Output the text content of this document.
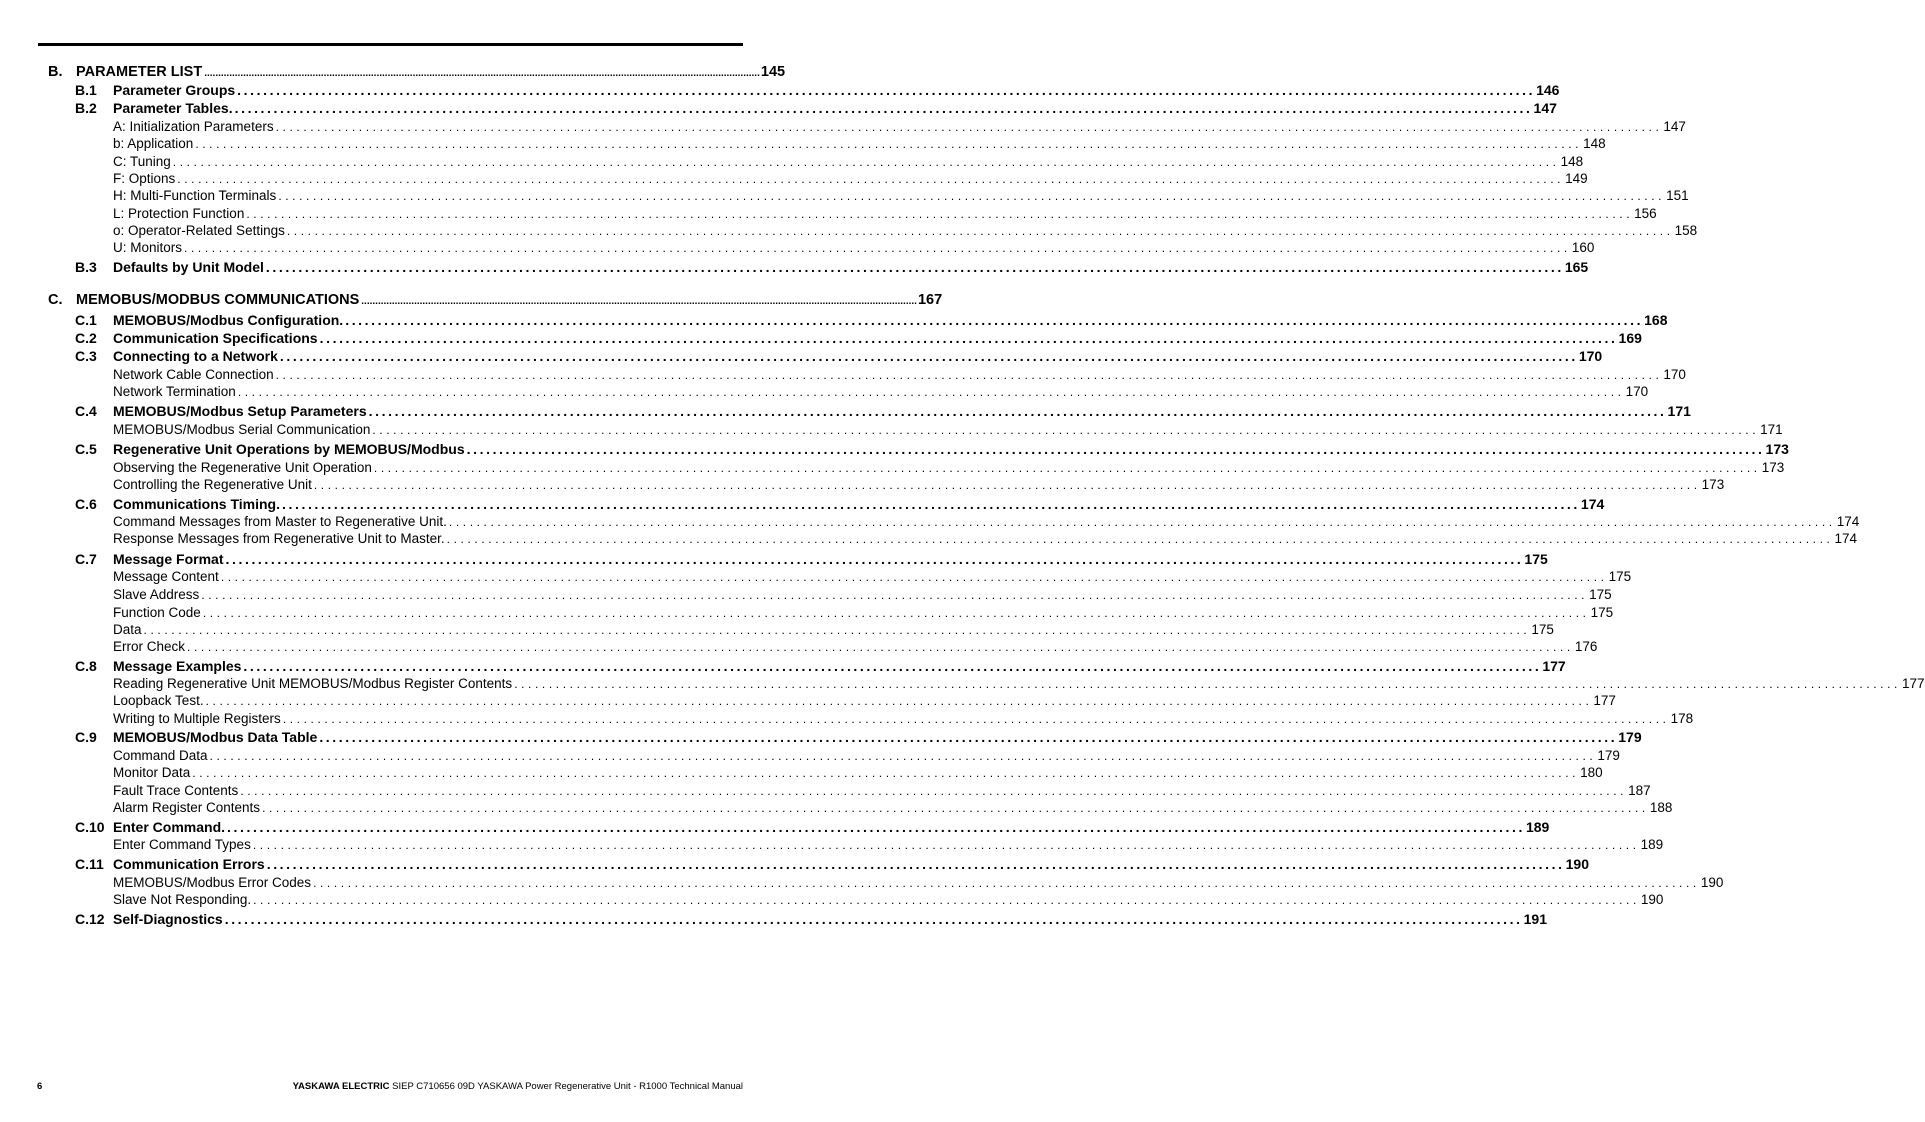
B. PARAMETER LIST ........................................................................................................................................................................................................ 145
B.1 Parameter Groups ........................................................................................................................................................................................................ 146
B.2 Parameter Tables. ........................................................................................................................................................................................................ 147
A: Initialization Parameters ........................................................................................................................................................................................................ 147
b: Application ........................................................................................................................................................................................................ 148
C: Tuning ........................................................................................................................................................................................................ 148
F: Options ........................................................................................................................................................................................................ 149
H: Multi-Function Terminals ........................................................................................................................................................................................................ 151
L: Protection Function ........................................................................................................................................................................................................ 156
o: Operator-Related Settings ........................................................................................................................................................................................................ 158
U: Monitors ........................................................................................................................................................................................................ 160
B.3 Defaults by Unit Model ........................................................................................................................................................................................................ 165
C. MEMOBUS/MODBUS COMMUNICATIONS ........................................................................................................................................................................................................ 167
C.1 MEMOBUS/Modbus Configuration. ........................................................................................................................................................................................................ 168
C.2 Communication Specifications ........................................................................................................................................................................................................ 169
C.3 Connecting to a Network ........................................................................................................................................................................................................ 170
Network Cable Connection ........................................................................................................................................................................................................ 170
Network Termination ........................................................................................................................................................................................................ 170
C.4 MEMOBUS/Modbus Setup Parameters ........................................................................................................................................................................................................ 171
MEMOBUS/Modbus Serial Communication ........................................................................................................................................................................................................ 171
C.5 Regenerative Unit Operations by MEMOBUS/Modbus ........................................................................................................................................................................................................ 173
Observing the Regenerative Unit Operation ........................................................................................................................................................................................................ 173
Controlling the Regenerative Unit ........................................................................................................................................................................................................ 173
C.6 Communications Timing. ........................................................................................................................................................................................................ 174
Command Messages from Master to Regenerative Unit. ........................................................................................................................................................................................................ 174
Response Messages from Regenerative Unit to Master. ........................................................................................................................................................................................................ 174
C.7 Message Format ........................................................................................................................................................................................................ 175
Message Content ........................................................................................................................................................................................................ 175
Slave Address ........................................................................................................................................................................................................ 175
Function Code ........................................................................................................................................................................................................ 175
Data ........................................................................................................................................................................................................ 175
Error Check ........................................................................................................................................................................................................ 176
C.8 Message Examples ........................................................................................................................................................................................................ 177
Reading Regenerative Unit MEMOBUS/Modbus Register Contents ........................................................................................................................................................................................................ 177
Loopback Test. ........................................................................................................................................................................................................ 177
Writing to Multiple Registers ........................................................................................................................................................................................................ 178
C.9 MEMOBUS/Modbus Data Table ........................................................................................................................................................................................................ 179
Command Data ........................................................................................................................................................................................................ 179
Monitor Data ........................................................................................................................................................................................................ 180
Fault Trace Contents ........................................................................................................................................................................................................ 187
Alarm Register Contents ........................................................................................................................................................................................................ 188
C.10 Enter Command. ........................................................................................................................................................................................................ 189
Enter Command Types ........................................................................................................................................................................................................ 189
C.11 Communication Errors ........................................................................................................................................................................................................ 190
MEMOBUS/Modbus Error Codes ........................................................................................................................................................................................................ 190
Slave Not Responding. ........................................................................................................................................................................................................ 190
C.12 Self-Diagnostics ........................................................................................................................................................................................................ 191
6	YASKAWA ELECTRIC SIEP C710656 09D YASKAWA Power Regenerative Unit - R1000 Technical Manual
